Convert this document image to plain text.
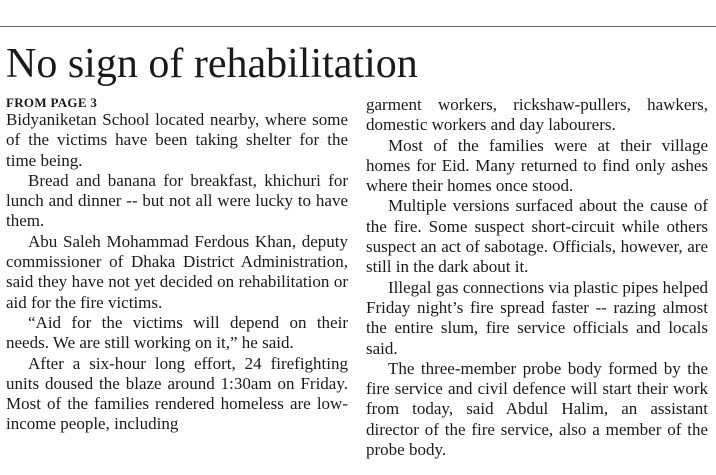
No sign of rehabilitation

FROM PAGE 3

Bidyaniketan School located nearby, where some of the victims have been taking shelter for the time being.

Bread and banana for breakfast, khichuri for lunch and dinner -- but not all were lucky to have them.

Abu Saleh Mohammad Ferdous Khan, deputy commissioner of Dhaka District Administration, said they have not yet decided on rehabilitation or aid for the fire victims.

“Aid for the victims will depend on their needs. We are still working on it,” he said.

After a six-hour long effort, 24 firefighting units doused the blaze around 1:30am on Friday. Most of the families rendered homeless are low-income people, including

garment workers, rickshaw-pullers, hawkers, domestic workers and day labourers.

Most of the families were at their village homes for Eid. Many returned to find only ashes where their homes once stood.

Multiple versions surfaced about the cause of the fire. Some suspect short-circuit while others suspect an act of sabotage. Officials, however, are still in the dark about it.

Illegal gas connections via plastic pipes helped Friday night’s fire spread faster -- razing almost the entire slum, fire service officials and locals said.

The three-member probe body formed by the fire service and civil defence will start their work from today, said Abdul Halim, an assistant director of the fire service, also a member of the probe body.
